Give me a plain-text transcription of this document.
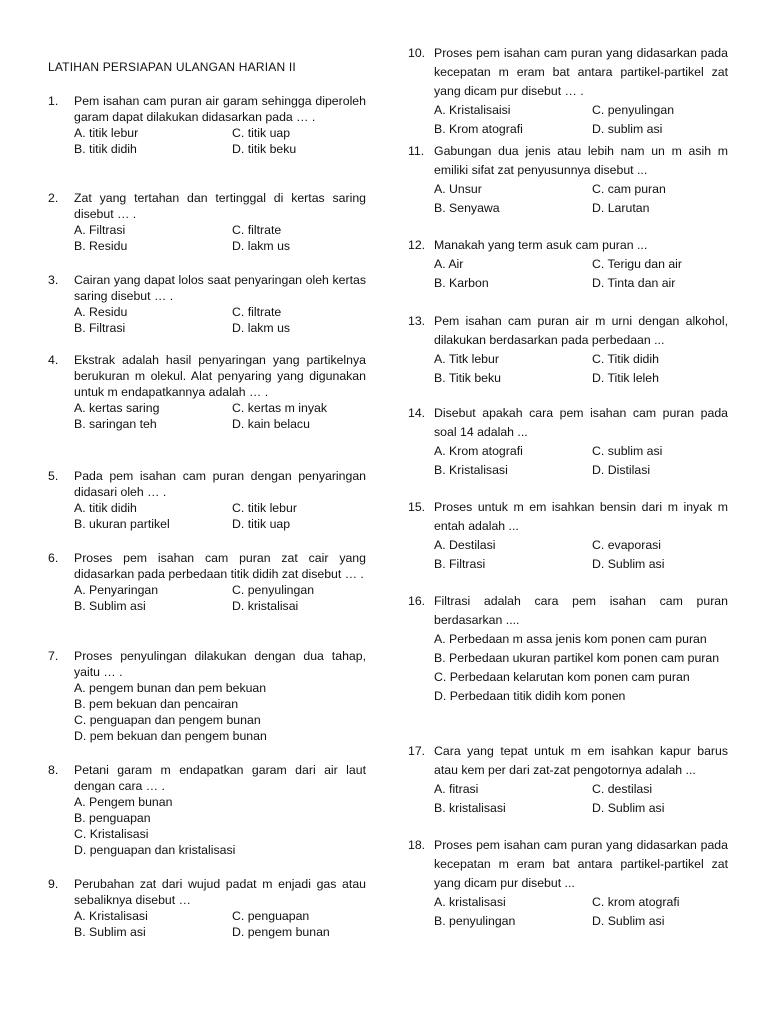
LATIHAN PERSIAPAN ULANGAN HARIAN II
1. Pem isahan cam puran air garam sehingga diperoleh garam dapat dilakukan didasarkan pada … .
A. titik lebur	C. titik uap
B. titik didih	D. titik beku
2. Zat yang tertahan dan tertinggal di kertas saring disebut … .
A. Filtrasi	C. filtrate
B. Residu	D. lakm us
3. Cairan yang dapat lolos saat penyaringan oleh kertas saring disebut … .
A. Residu	C. filtrate
B. Filtrasi	D. lakm us
4. Ekstrak adalah hasil penyaringan yang partikelnya berukuran m olekul. Alat penyaring yang digunakan untuk m endapatkannya adalah … .
A. kertas saring	C. kertas m inyak
B. saringan teh	D. kain belacu
5. Pada pem isahan cam puran dengan penyaringan didasari oleh … .
A. titik didih	C. titik lebur
B. ukuran partikel	D. titik uap
6. Proses pem isahan cam puran zat cair yang didasarkan pada perbedaan titik didih zat disebut … .
A. Penyaringan	C. penyulingan
B. Sublim asi	D. kristalisai
7. Proses penyulingan dilakukan dengan dua tahap, yaitu … .
A. pengem bunan dan pem bekuan
B. pem bekuan dan pencairan
C. penguapan dan pengem bunan
D. pem bekuan dan pengem bunan
8. Petani garam m endapatkan garam dari air laut dengan cara … .
A. Pengem bunan
B. penguapan
C. Kristalisasi
D. penguapan dan kristalisasi
9. Perubahan zat dari wujud padat m enjadi gas atau sebaliknya disebut …
A. Kristalisasi	C. penguapan
B. Sublim asi	D. pengem bunan
10. Proses pem isahan cam puran yang didasarkan pada kecepatan m eram bat antara partikel-partikel zat yang dicam pur disebut … .
A. Kristalisaisi	C. penyulingan
B. Krom atografi	D. sublim asi
11. Gabungan dua jenis atau lebih nam un m asih m emiliki sifat zat penyusunnya disebut ...
A. Unsur	C. cam puran
B. Senyawa	D. Larutan
12. Manakah yang term asuk cam puran ...
A. Air	C. Terigu dan air
B. Karbon	D. Tinta dan air
13. Pem isahan cam puran air m urni dengan alkohol, dilakukan berdasarkan pada perbedaan ...
A. Titk lebur	C. Titik didih
B. Titik beku	D. Titik leleh
14. Disebut apakah cara pem isahan cam puran pada soal 14 adalah ...
A. Krom atografi	C. sublim asi
B. Kristalisasi	D. Distilasi
15. Proses untuk m em isahkan bensin dari m inyak m entah adalah ...
A. Destilasi	C. evaporasi
B. Filtrasi	D. Sublim asi
16. Filtrasi adalah cara pem isahan cam puran berdasarkan ....
A. Perbedaan m assa jenis kom ponen cam puran
B. Perbedaan ukuran partikel kom ponen cam puran
C. Perbedaan kelarutan kom ponen cam puran
D. Perbedaan titik didih kom ponen
17. Cara yang tepat untuk m em isahkan kapur barus atau kem per dari zat-zat pengotornya adalah ...
A. fitrasi	C. destilasi
B. kristalisasi	D. Sublim asi
18. Proses pem isahan cam puran yang didasarkan pada kecepatan m eram bat antara partikel-partikel zat yang dicam pur disebut ...
A. kristalisasi	C. krom atografi
B. penyulingan	D. Sublim asi
